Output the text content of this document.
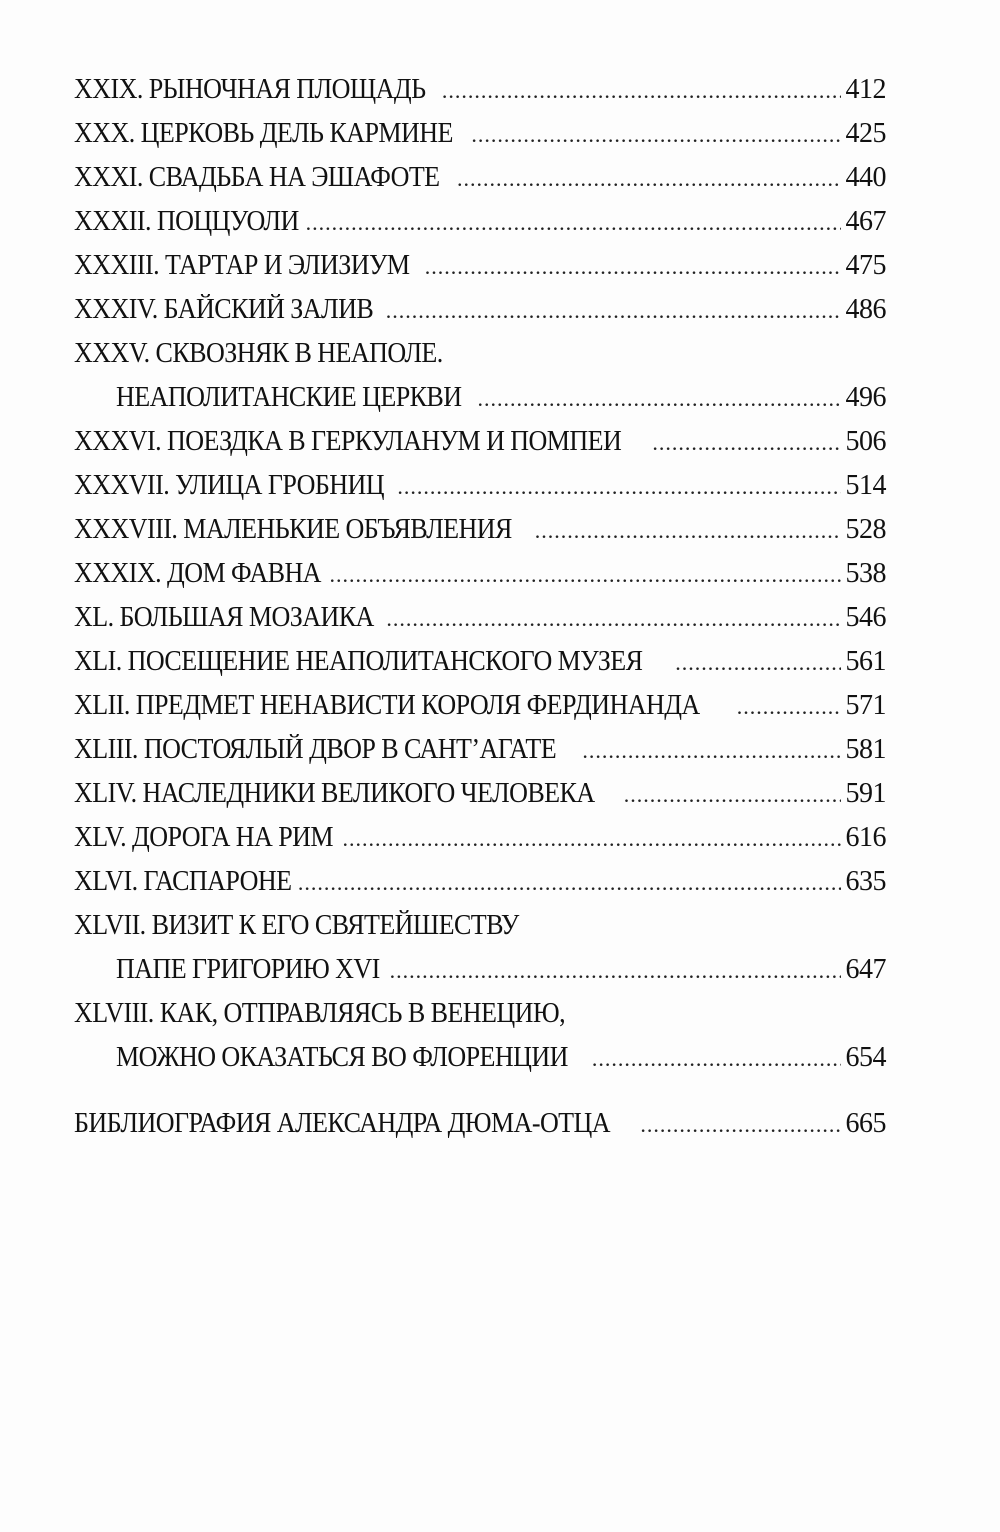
XXIX. РЫНОЧНАЯ ПЛОЩАДЬ .....	412
XXX. ЦЕРКОВЬ ДЕЛЬ КАРМИНЕ .....	425
XXXI. СВАДЬБА НА ЭШАФОТЕ .....	440
XXXII. ПОЦЦУОЛИ .....	467
XXXIII. ТАРТАР И ЭЛИЗИУМ .....	475
XXXIV. БАЙСКИЙ ЗАЛИВ .....	486
XXXV. СКВОЗНЯК В НЕАПОЛЕ.
НЕАПОЛИТАНСКИЕ ЦЕРКВИ .....	496
XXXVI. ПОЕЗДКА В ГЕРКУЛАНУМ И ПОМПЕИ .....	506
XXXVII. УЛИЦА ГРОБНИЦ .....	514
XXXVIII. МАЛЕНЬКИЕ ОБЪЯВЛЕНИЯ .....	528
XXXIX. ДОМ ФАВНА .....	538
XL. БОЛЬШАЯ МОЗАИКА .....	546
XLI. ПОСЕЩЕНИЕ НЕАПОЛИТАНСКОГО МУЗЕЯ .....	561
XLII. ПРЕДМЕТ НЕНАВИСТИ КОРОЛЯ ФЕРДИНАНДА .....	571
XLIII. ПОСТОЯЛЫЙ ДВОР В САНТ’АГАТЕ .....	581
XLIV. НАСЛЕДНИКИ ВЕЛИКОГО ЧЕЛОВЕКА .....	591
XLV. ДОРОГА НА РИМ .....	616
XLVI. ГАСПАРОНЕ .....	635
XLVII. ВИЗИТ К ЕГО СВЯТЕЙШЕСТВУ
ПАПЕ ГРИГОРИЮ XVI .....	647
XLVIII. КАК, ОТПРАВЛЯЯСЬ В ВЕНЕЦИЮ,
МОЖНО ОКАЗАТЬСЯ ВО ФЛОРЕНЦИИ .....	654
БИБЛИОГРАФИЯ АЛЕКСАНДРА ДЮМА-ОТЦА .....	665
